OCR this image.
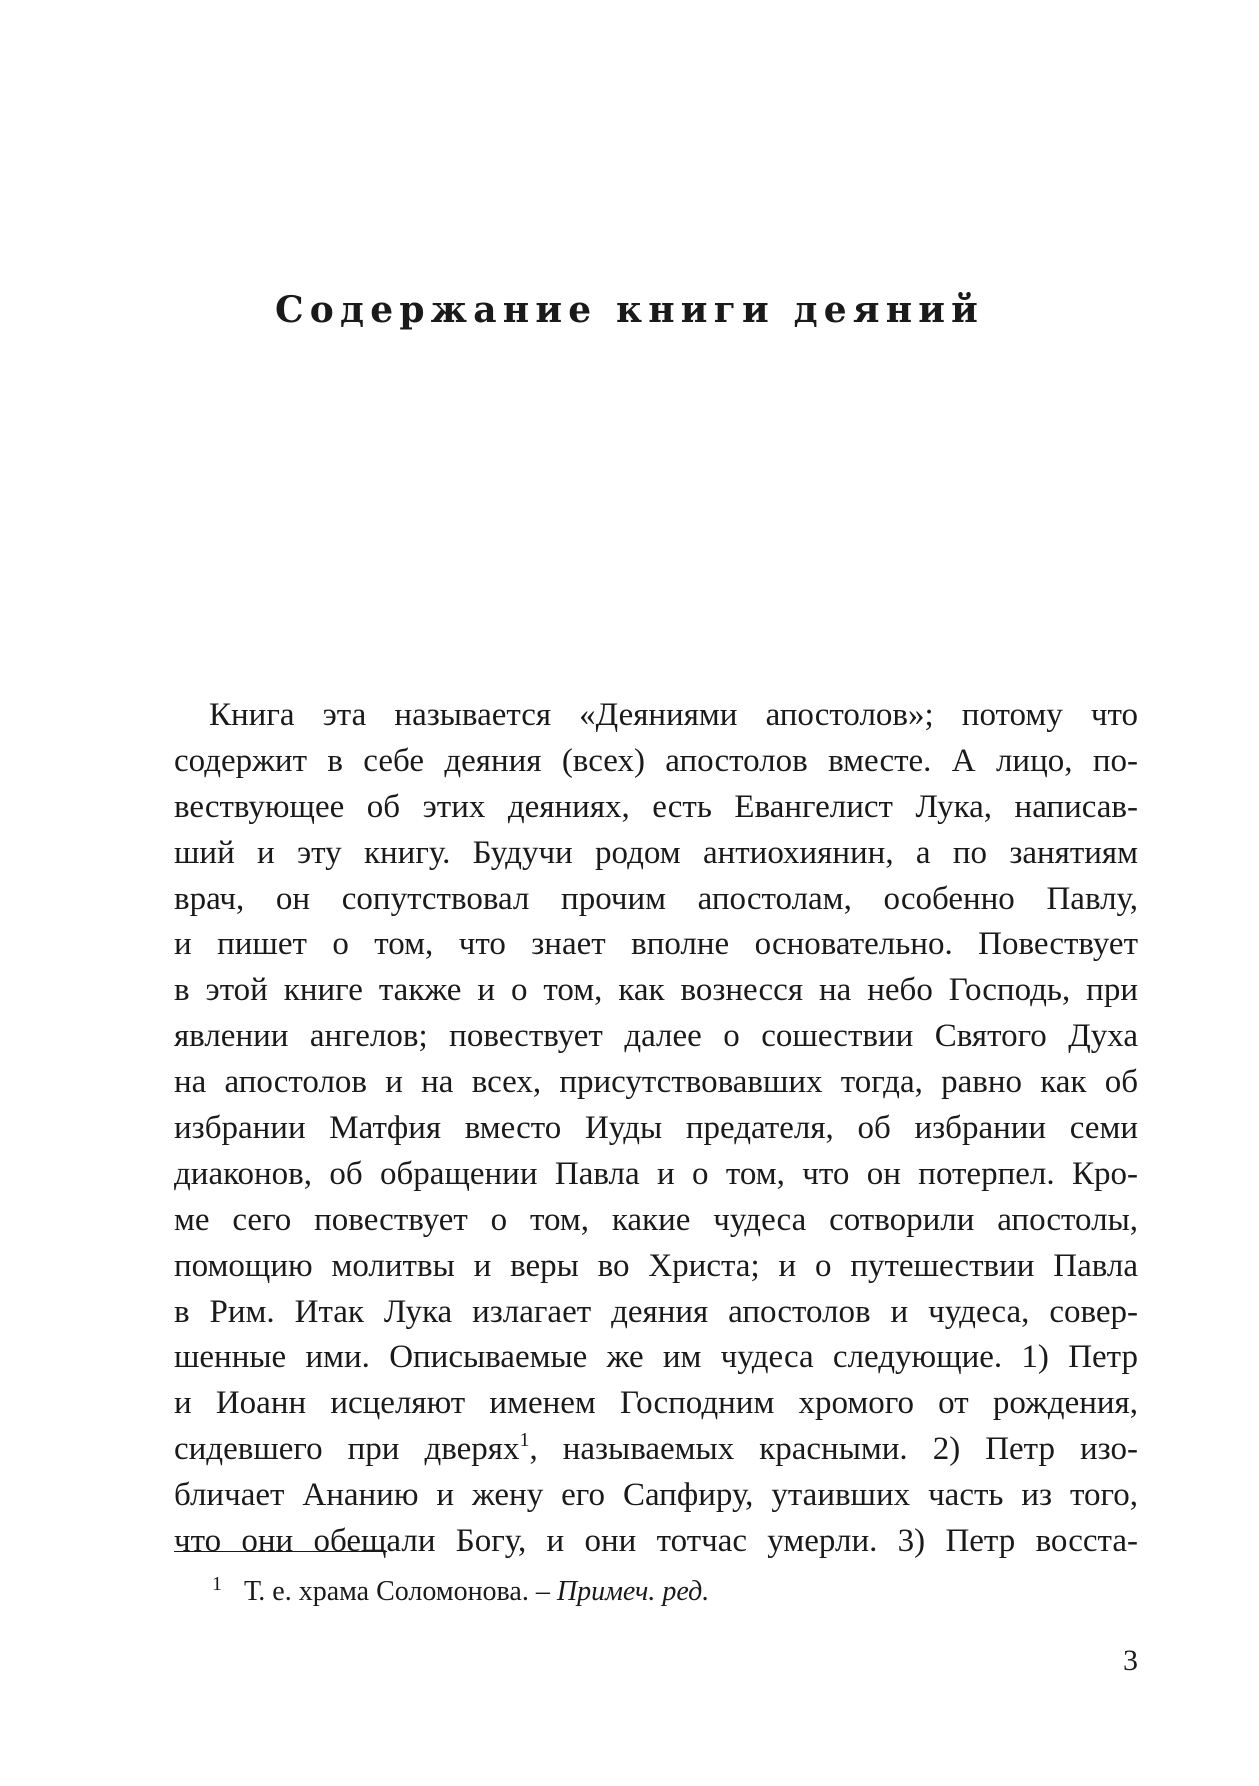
Содержание книги деяний
Книга эта называется «Деяниями апостолов»; потому что
содержит в себе деяния (всех) апостолов вместе. А лицо, по-
вествующее об этих деяниях, есть Евангелист Лука, написав-
ший и эту книгу. Будучи родом антиохиянин, а по занятиям
врач, он сопутствовал прочим апостолам, особенно Павлу,
и пишет о том, что знает вполне основательно. Повествует
в этой книге также и о том, как вознесся на небо Господь, при
явлении ангелов; повествует далее о сошествии Святого Духа
на апостолов и на всех, присутствовавших тогда, равно как об
избрании Матфия вместо Иуды предателя, об избрании семи
диаконов, об обращении Павла и о том, что он потерпел. Кро-
ме сего повествует о том, какие чудеса сотворили апостолы,
помощию молитвы и веры во Христа; и о путешествии Павла
в Рим. Итак Лука излагает деяния апостолов и чудеса, совер-
шенные ими. Описываемые же им чудеса следующие. 1) Петр
и Иоанн исцеляют именем Господним хромого от рождения,
сидевшего при дверях$^1$, называемых красными. 2) Петр изо-
бличает Ананию и жену его Сапфиру, утаивших часть из того,
что они обещали Богу, и они тотчас умерли. 3) Петр восста-
$^1$ Т. е. храма Соломонова. – Примеч. ред.
3
